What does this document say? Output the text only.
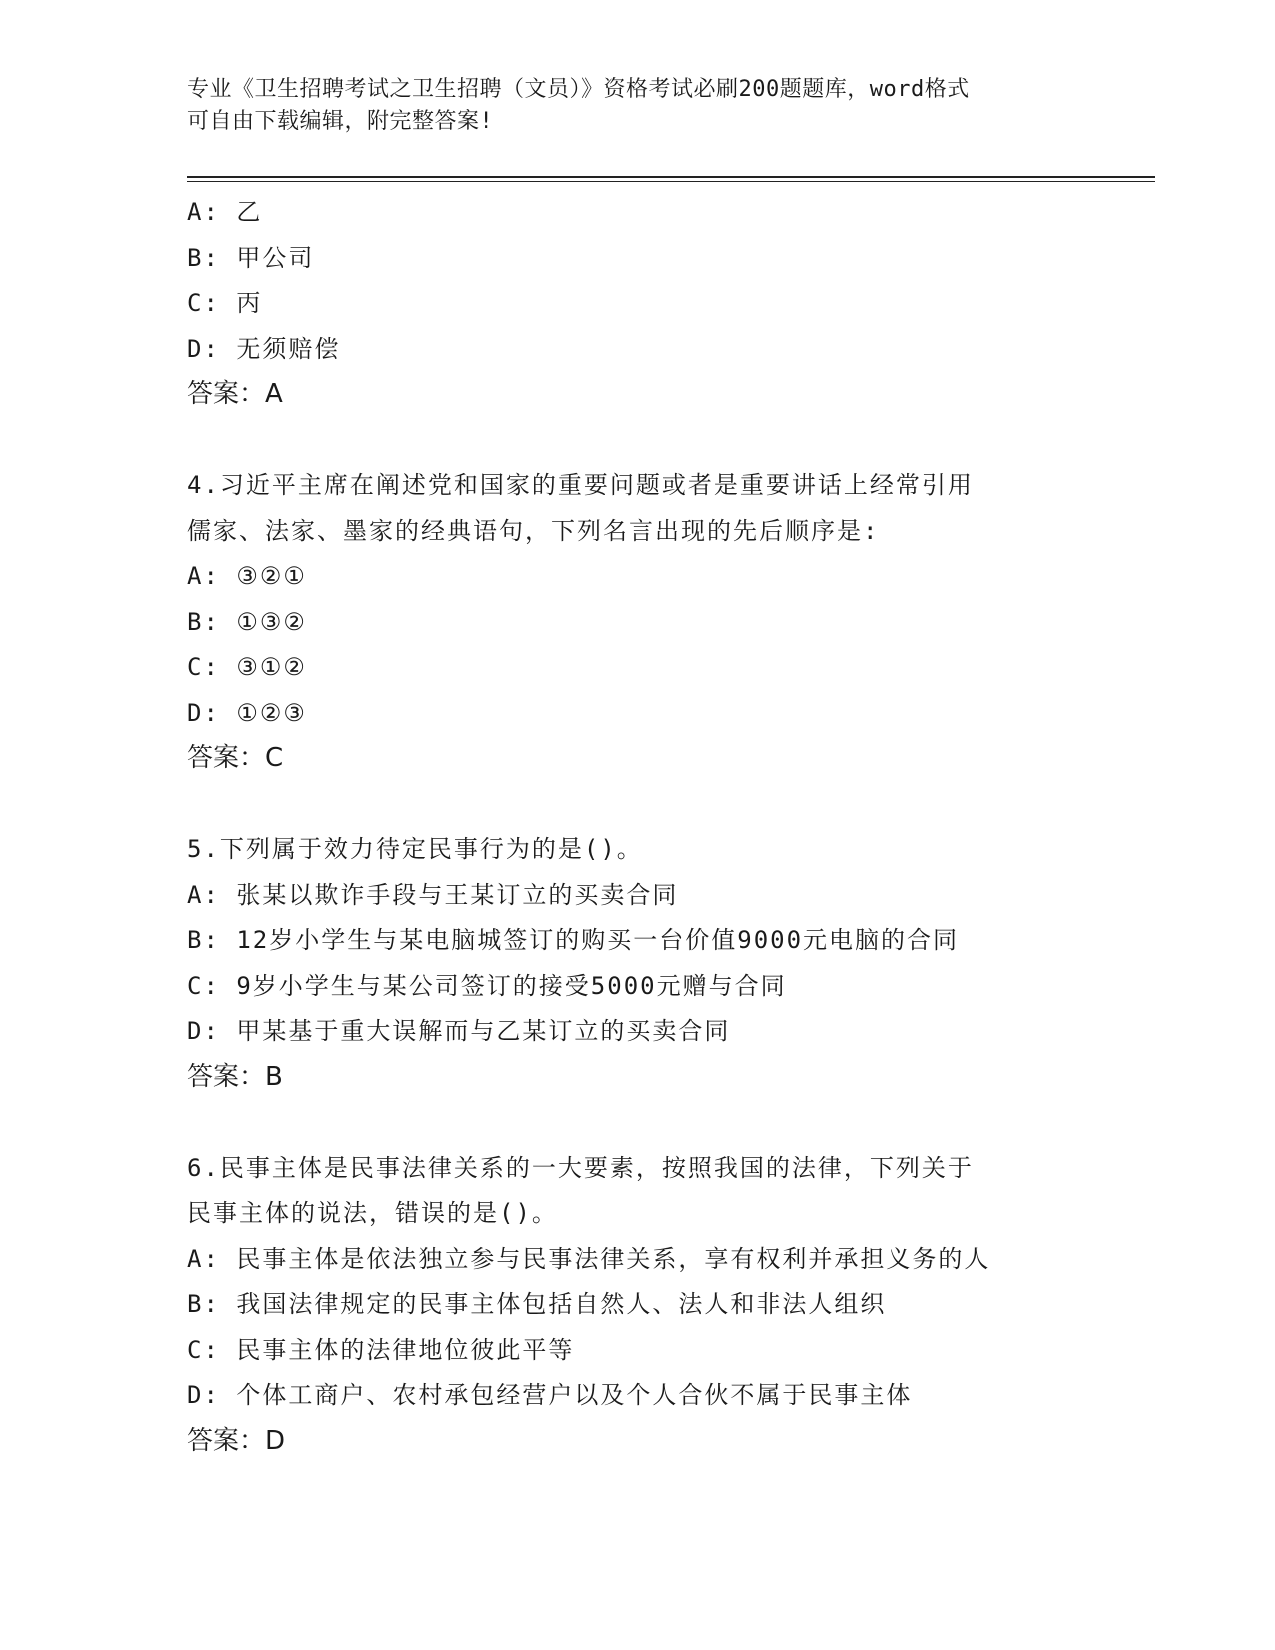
专业《卫生招聘考试之卫生招聘（文员）》资格考试必刷200题题库，word格式
可自由下载编辑，附完整答案!
A: 乙
B: 甲公司
C: 丙
D: 无须赔偿
答案：A
4.习近平主席在阐述党和国家的重要问题或者是重要讲话上经常引用
儒家、法家、墨家的经典语句，下列名言出现的先后顺序是:
A: ③②①
B: ①③②
C: ③①②
D: ①②③
答案：C
5.下列属于效力待定民事行为的是()。
A: 张某以欺诈手段与王某订立的买卖合同
B: 12岁小学生与某电脑城签订的购买一台价值9000元电脑的合同
C: 9岁小学生与某公司签订的接受5000元赠与合同
D: 甲某基于重大误解而与乙某订立的买卖合同
答案：B
6.民事主体是民事法律关系的一大要素，按照我国的法律，下列关于
民事主体的说法，错误的是()。
A: 民事主体是依法独立参与民事法律关系，享有权利并承担义务的人
B: 我国法律规定的民事主体包括自然人、法人和非法人组织
C: 民事主体的法律地位彼此平等
D: 个体工商户、农村承包经营户以及个人合伙不属于民事主体
答案：D
